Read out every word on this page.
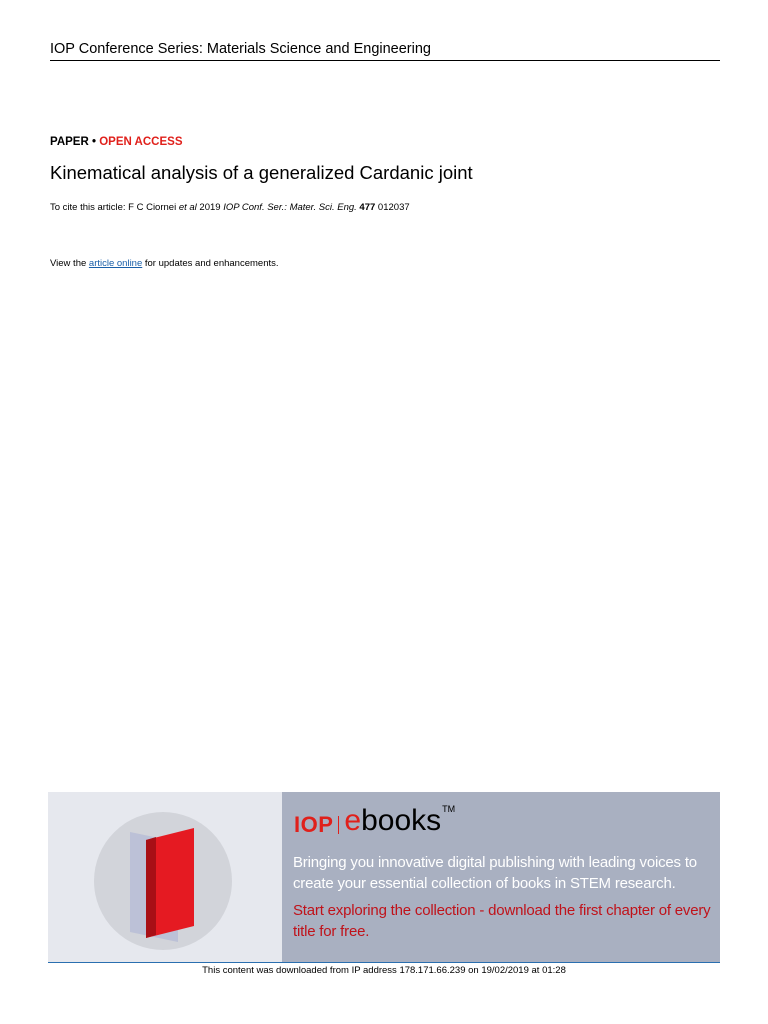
IOP Conference Series: Materials Science and Engineering
PAPER • OPEN ACCESS
Kinematical analysis of a generalized Cardanic joint
To cite this article: F C Ciornei et al 2019 IOP Conf. Ser.: Mater. Sci. Eng. 477 012037
View the article online for updates and enhancements.
IOP e books TM
Bringing you innovative digital publishing with leading voices to create your essential collection of books in STEM research.
Start exploring the collection - download the first chapter of every title for free.
This content was downloaded from IP address 178.171.66.239 on 19/02/2019 at 01:28
